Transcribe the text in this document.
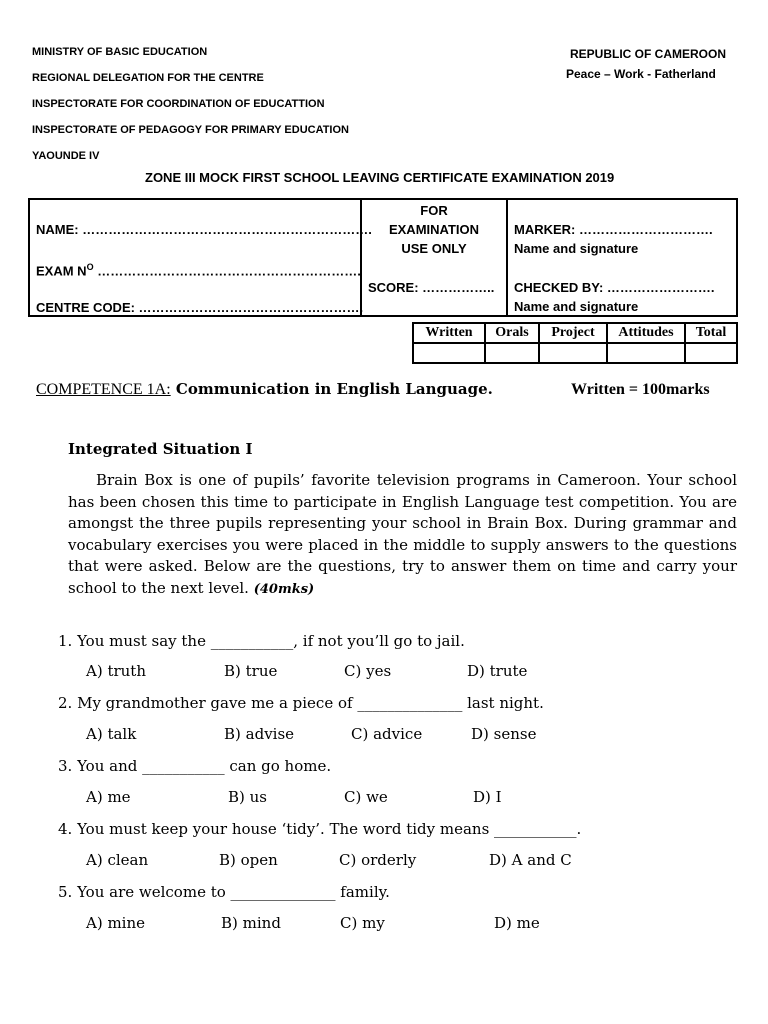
MINISTRY OF BASIC EDUCATION
REGIONAL DELEGATION FOR THE CENTRE
INSPECTORATE FOR COORDINATION OF EDUCATTION
INSPECTORATE OF PEDAGOGY FOR PRIMARY EDUCATION
YAOUNDE IV
REPUBLIC OF CAMEROON
Peace – Work - Fatherland
ZONE III MOCK FIRST SCHOOL LEAVING CERTIFICATE EXAMINATION 2019
NAME: ………………………………………………………….
EXAM $N^O$ …………………………………………………….
CENTRE CODE: …………………………………………….
FOR
EXAMINATION
USE ONLY
SCORE: ……………..
MARKER: ………………………….
Name and signature
CHECKED BY: …………………….
Name and signature
Written	Orals	Project	Attitudes	Total

COMPETENCE 1A: Communication in English Language.	Written = 100marks
Integrated Situation I
Brain Box is one of pupils’ favorite television programs in Cameroon. Your school has been chosen this time to participate in English Language test competition. You are amongst the three pupils representing your school in Brain Box. During grammar and vocabulary exercises you were placed in the middle to supply answers to the questions that were asked. Below are the questions, try to answer them on time and carry your school to the next level. (40mks)
1. You must say the ___________, if not you’ll go to jail.
A) truth	B) true	C) yes	D) trute
2. My grandmother gave me a piece of ______________ last night.
A) talk	B) advise	C) advice	D) sense
3. You and ___________ can go home.
A) me	B) us	C) we	D) I
4. You must keep your house ‘tidy’. The word tidy means ___________.
A) clean	B) open	C) orderly	D) A and C
5. You are welcome to ______________ family.
A) mine	B) mind	C) my	D) me
